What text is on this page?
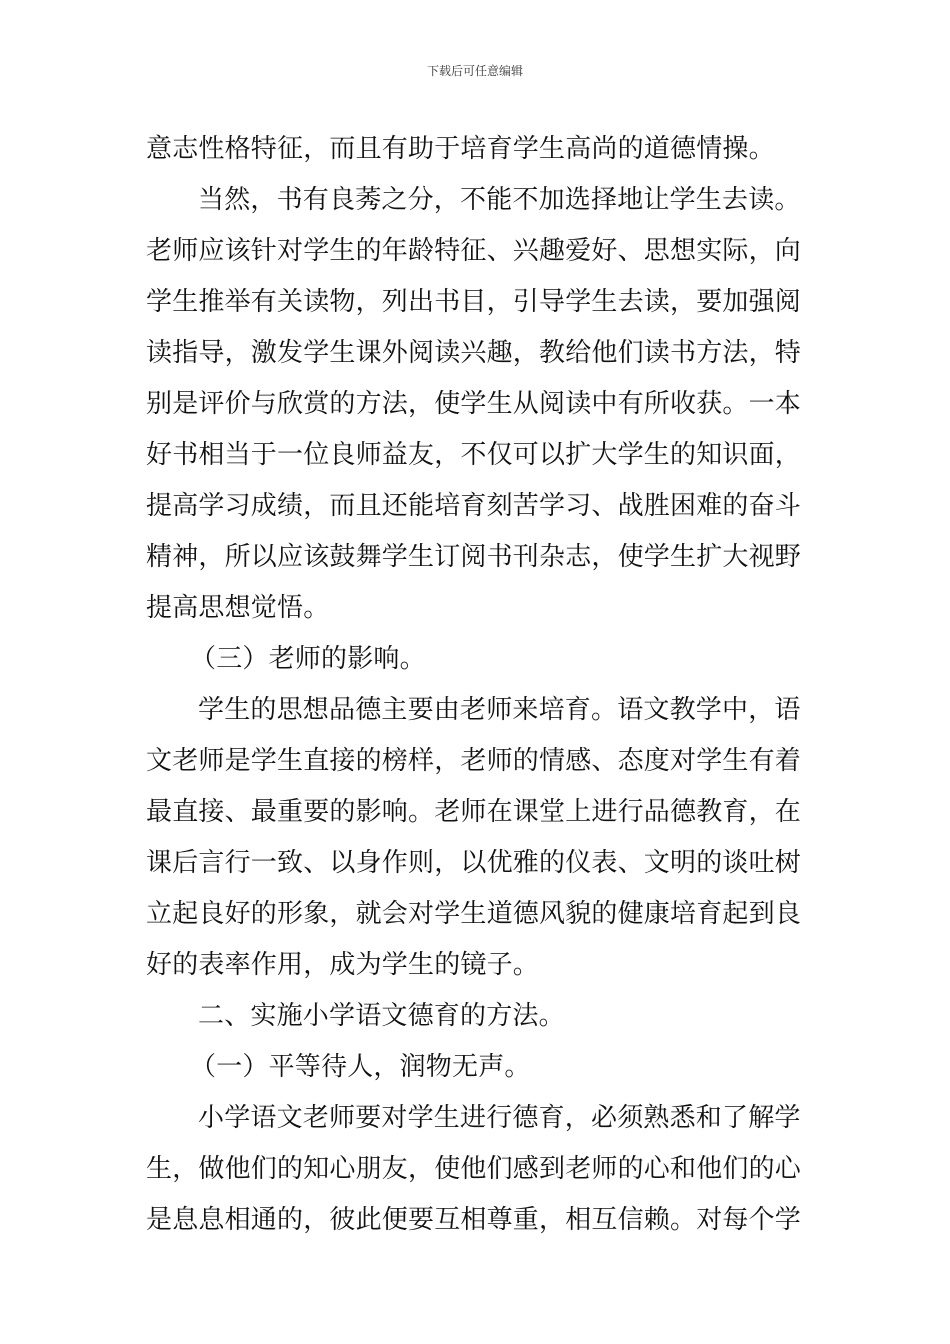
下载后可任意编辑
意志性格特征，而且有助于培育学生高尚的道德情操。
当然，书有良莠之分，不能不加选择地让学生去读。
老师应该针对学生的年龄特征、兴趣爱好、思想实际，向
学生推举有关读物，列出书目，引导学生去读，要加强阅
读指导，激发学生课外阅读兴趣，教给他们读书方法，特
别是评价与欣赏的方法，使学生从阅读中有所收获。一本
好书相当于一位良师益友，不仅可以扩大学生的知识面，
提高学习成绩，而且还能培育刻苦学习、战胜困难的奋斗
精神，所以应该鼓舞学生订阅书刊杂志，使学生扩大视野
提高思想觉悟。
（三）老师的影响。
学生的思想品德主要由老师来培育。语文教学中，语
文老师是学生直接的榜样，老师的情感、态度对学生有着
最直接、最重要的影响。老师在课堂上进行品德教育，在
课后言行一致、以身作则，以优雅的仪表、文明的谈吐树
立起良好的形象，就会对学生道德风貌的健康培育起到良
好的表率作用，成为学生的镜子。
二、实施小学语文德育的方法。
（一）平等待人，润物无声。
小学语文老师要对学生进行德育，必须熟悉和了解学
生，做他们的知心朋友，使他们感到老师的心和他们的心
是息息相通的，彼此便要互相尊重，相互信赖。对每个学
